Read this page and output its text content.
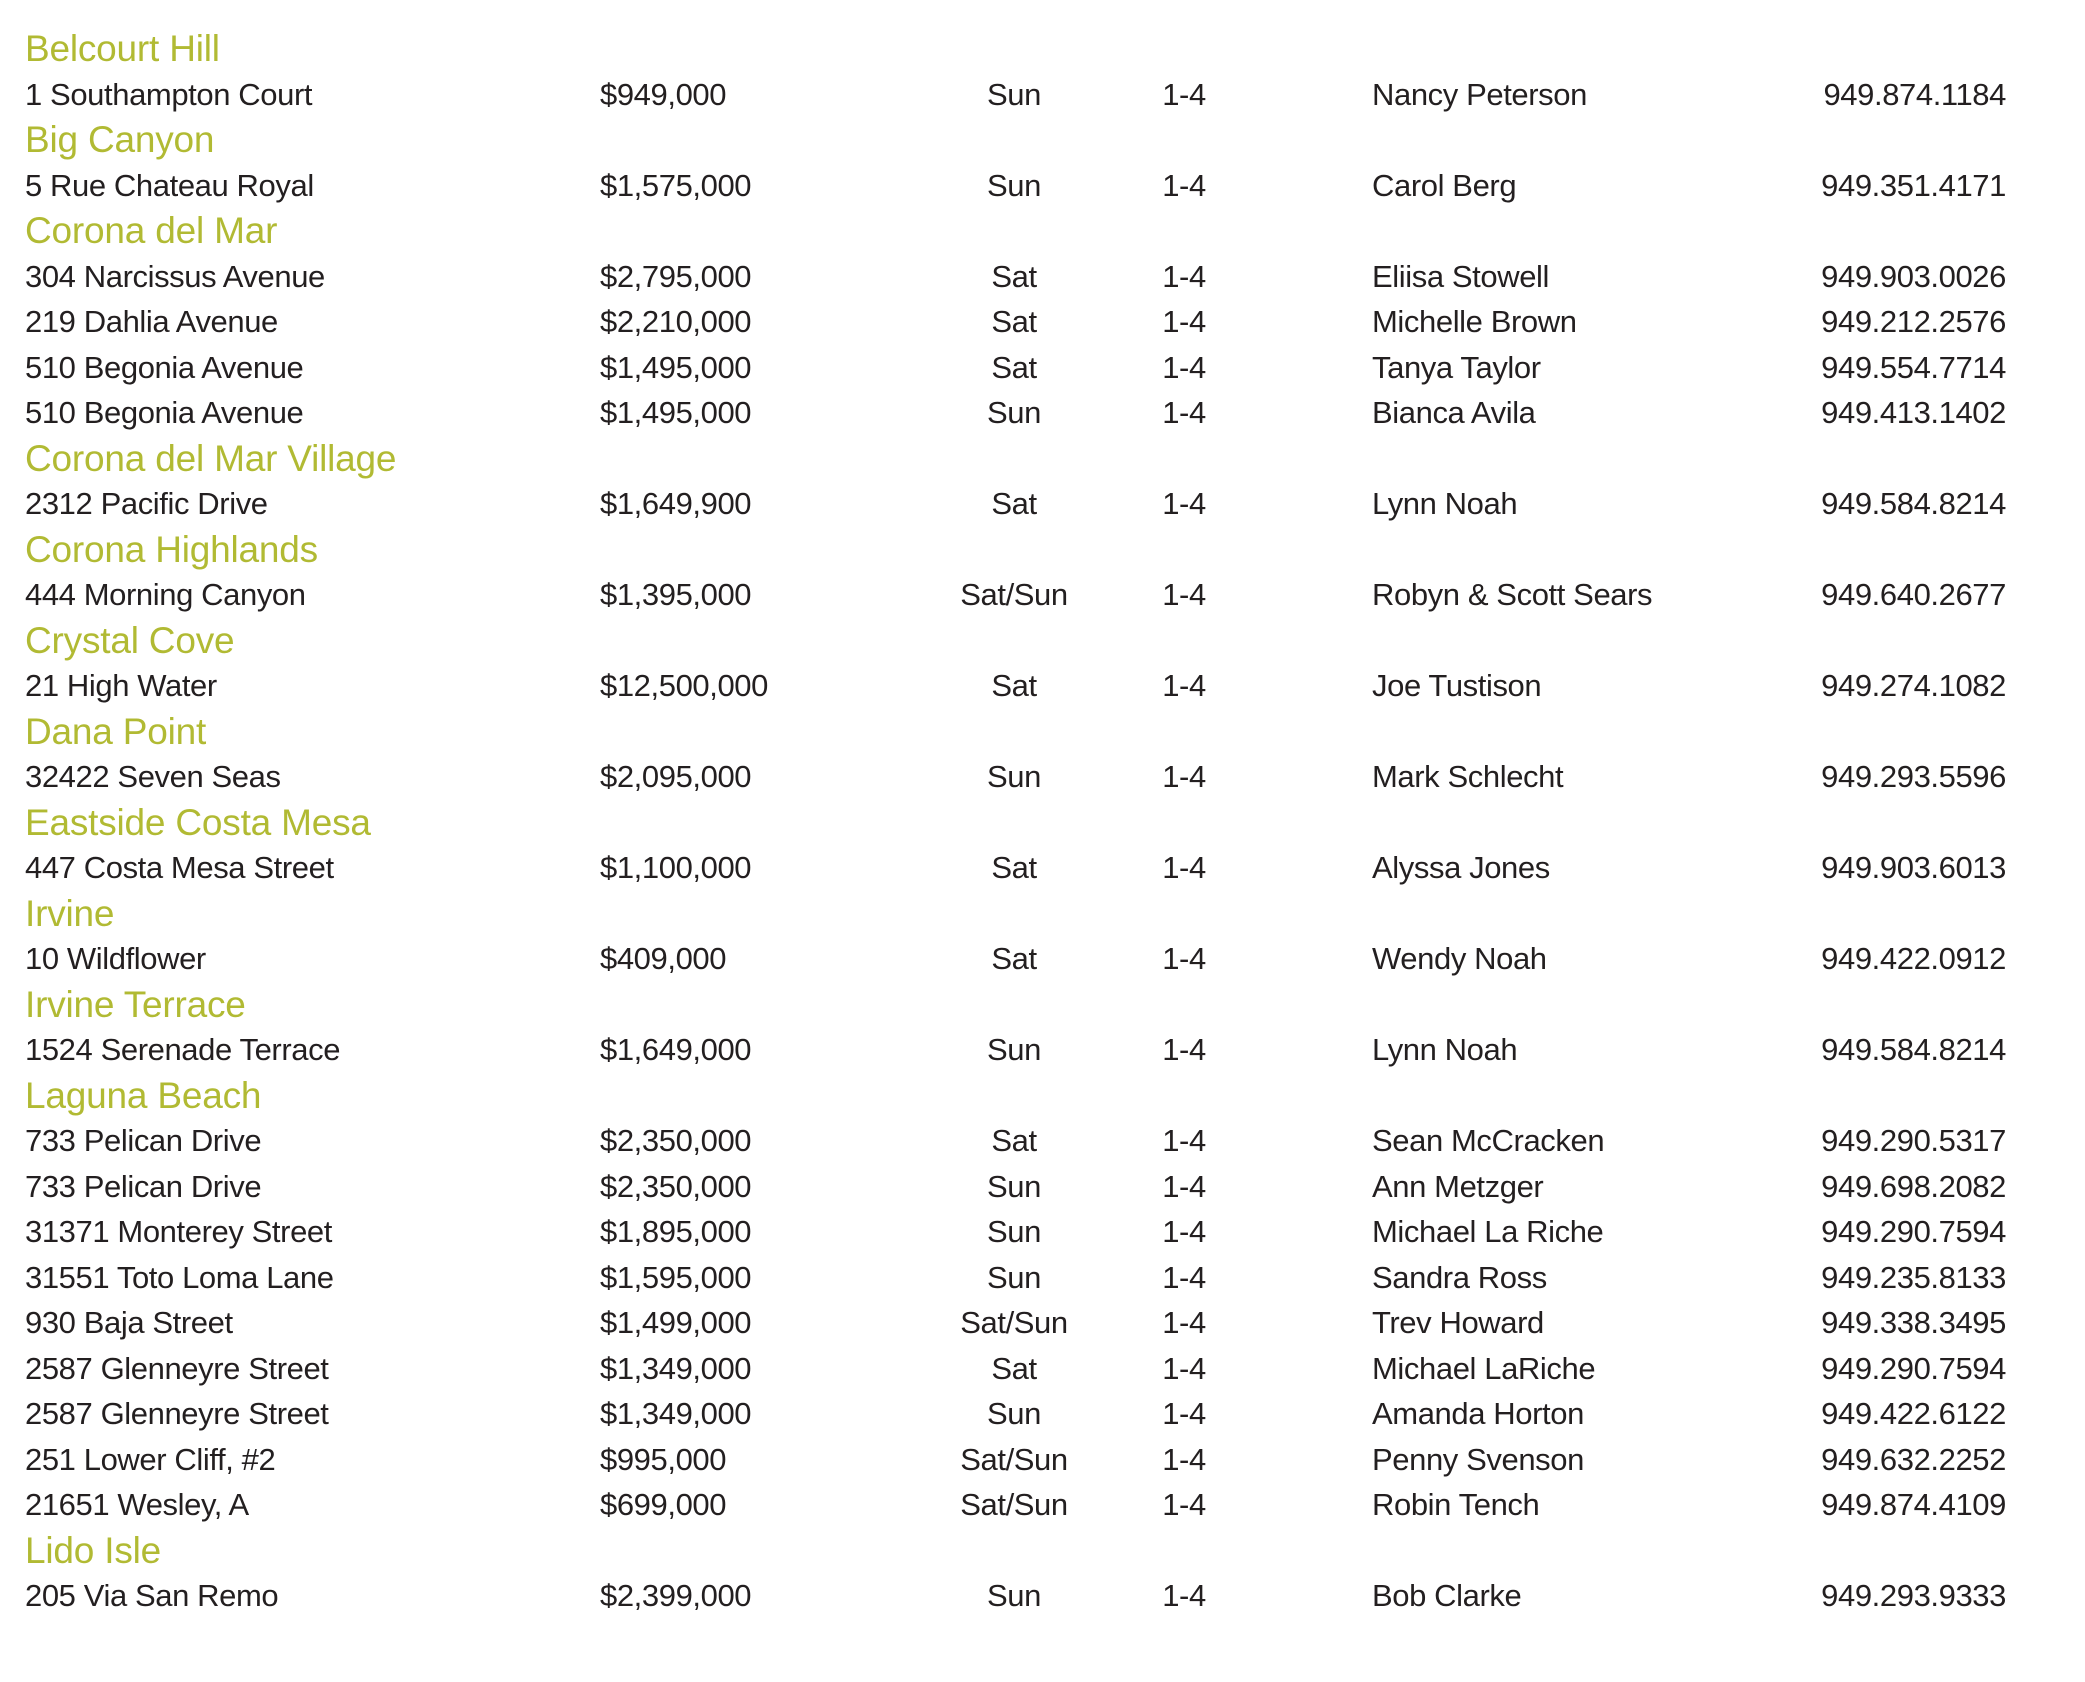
Belcourt Hill
1 Southampton Court	$949,000	Sun	1-4	Nancy Peterson	949.874.1184
Big Canyon
5 Rue Chateau Royal	$1,575,000	Sun	1-4	Carol Berg	949.351.4171
Corona del Mar
304 Narcissus Avenue	$2,795,000	Sat	1-4	Eliisa Stowell	949.903.0026
219 Dahlia Avenue	$2,210,000	Sat	1-4	Michelle Brown	949.212.2576
510 Begonia Avenue	$1,495,000	Sat	1-4	Tanya Taylor	949.554.7714
510 Begonia Avenue	$1,495,000	Sun	1-4	Bianca Avila	949.413.1402
Corona del Mar Village
2312 Pacific Drive	$1,649,900	Sat	1-4	Lynn Noah	949.584.8214
Corona Highlands
444 Morning Canyon	$1,395,000	Sat/Sun	1-4	Robyn & Scott Sears	949.640.2677
Crystal Cove
21 High Water	$12,500,000	Sat	1-4	Joe Tustison	949.274.1082
Dana Point
32422 Seven Seas	$2,095,000	Sun	1-4	Mark Schlecht	949.293.5596
Eastside Costa Mesa
447 Costa Mesa Street	$1,100,000	Sat	1-4	Alyssa Jones	949.903.6013
Irvine
10 Wildflower	$409,000	Sat	1-4	Wendy Noah	949.422.0912
Irvine Terrace
1524 Serenade Terrace	$1,649,000	Sun	1-4	Lynn Noah	949.584.8214
Laguna Beach
733 Pelican Drive	$2,350,000	Sat	1-4	Sean McCracken	949.290.5317
733 Pelican Drive	$2,350,000	Sun	1-4	Ann Metzger	949.698.2082
31371 Monterey Street	$1,895,000	Sun	1-4	Michael La Riche	949.290.7594
31551 Toto Loma Lane	$1,595,000	Sun	1-4	Sandra Ross	949.235.8133
930 Baja Street	$1,499,000	Sat/Sun	1-4	Trev Howard	949.338.3495
2587 Glenneyre Street	$1,349,000	Sat	1-4	Michael LaRiche	949.290.7594
2587 Glenneyre Street	$1,349,000	Sun	1-4	Amanda Horton	949.422.6122
251 Lower Cliff, #2	$995,000	Sat/Sun	1-4	Penny Svenson	949.632.2252
21651 Wesley, A	$699,000	Sat/Sun	1-4	Robin Tench	949.874.4109
Lido Isle
205 Via San Remo	$2,399,000	Sun	1-4	Bob Clarke	949.293.9333
